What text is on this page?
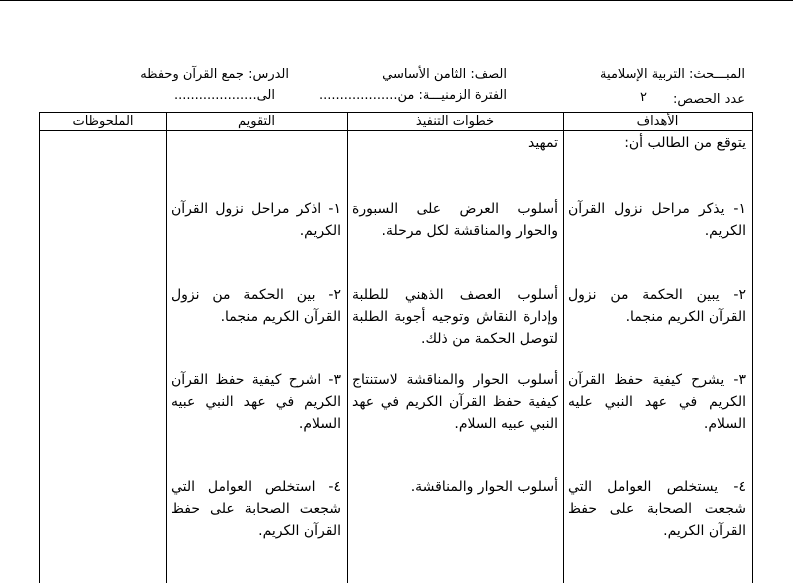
المبـــحث: التربية الإسلامية
الصف: الثامن الأساسي
الدرس: جمع القرآن وحفظه
عدد الحصص:
٢
الفترة الزمنيـــة: من...................
الى....................
الأهداف
خطوات التنفيذ
التقويم
الملحوظات
يتوقع من الطالب أن:
تمهيد
١- يذكر مراحل نزول القرآن الكريم.
أسلوب العرض على السبورة والحوار والمناقشة لكل مرحلة.
١- اذكر مراحل نزول القرآن الكريم.
٢- يبين الحكمة من نزول القرآن الكريم منجما.
أسلوب العصف الذهني للطلبة وإدارة النقاش وتوجيه أجوبة الطلبة لتوصل الحكمة من ذلك.
٢- بين الحكمة من نزول القرآن الكريم منجما.
٣- يشرح كيفية حفظ القرآن الكريم في عهد النبي عليه السلام.
أسلوب الحوار والمناقشة لاستنتاج كيفية حفظ القرآن الكريم في عهد النبي عبيه السلام.
٣- اشرح كيفية حفظ القرآن الكريم في عهد النبي عبيه السلام.
٤- يستخلص العوامل التي شجعت الصحابة على حفظ القرآن الكريم.
أسلوب الحوار والمناقشة.
٤- استخلص العوامل التي شجعت الصحابة على حفظ القرآن الكريم.
